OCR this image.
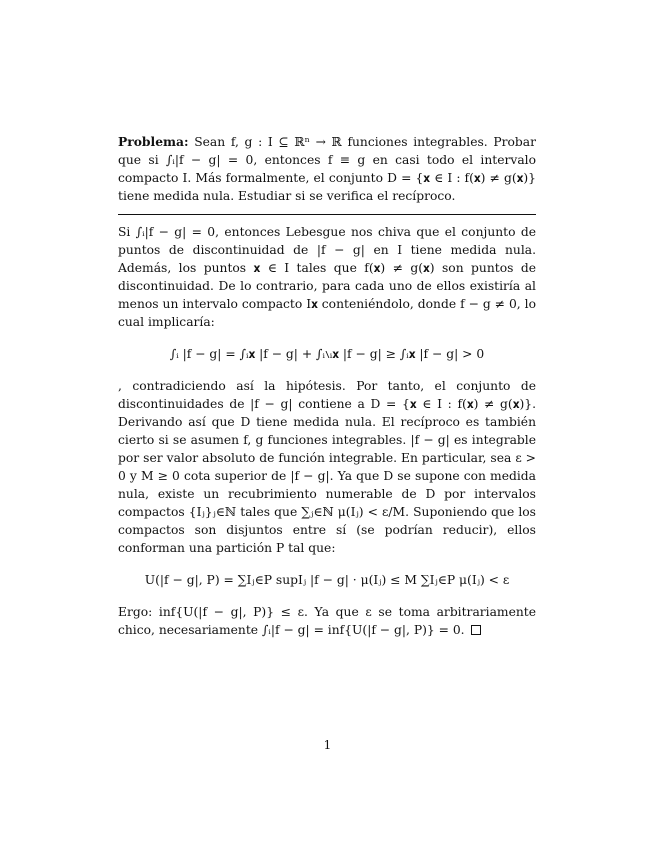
Problema: Sean f, g : I ⊆ ℝⁿ → ℝ funciones integrables. Probar que si ∫ᵢ|f − g| = 0, entonces f ≡ g en casi todo el intervalo compacto I. Más formalmente, el conjunto D = {𝐱 ∈ I : f(𝐱) ≠ g(𝐱)} tiene medida nula. Estudiar si se verifica el recíproco.

Si ∫ᵢ|f − g| = 0, entonces Lebesgue nos chiva que el conjunto de puntos de discontinuidad de |f − g| en I tiene medida nula. Además, los puntos 𝐱 ∈ I tales que f(𝐱) ≠ g(𝐱) son puntos de discontinuidad. De lo contrario, para cada uno de ellos existiría al menos un intervalo compacto I𝐱 conteniéndolo, donde f − g ≠ 0, lo cual implicaría:

∫ᵢ |f − g| = ∫ᵢ𝐱 |f − g| + ∫ᵢ∖ᵢ𝐱 |f − g| ≥ ∫ᵢ𝐱 |f − g| > 0

, contradiciendo así la hipótesis. Por tanto, el conjunto de discontinuidades de |f − g| contiene a D = {𝐱 ∈ I : f(𝐱) ≠ g(𝐱)}. Derivando así que D tiene medida nula. El recíproco es también cierto si se asumen f, g funciones integrables. |f − g| es integrable por ser valor absoluto de función integrable. En particular, sea ε > 0 y M ≥ 0 cota superior de |f − g|. Ya que D se supone con medida nula, existe un recubrimiento numerable de D por intervalos compactos {Iⱼ}ⱼ∈ℕ tales que ∑ⱼ∈ℕ μ(Iⱼ) < ε/M. Suponiendo que los compactos son disjuntos entre sí (se podrían reducir), ellos conforman una partición P tal que:

U(|f − g|, P) = ∑Iⱼ∈P supIⱼ |f − g| · μ(Iⱼ) ≤ M ∑Iⱼ∈P μ(Iⱼ) < ε

Ergo: inf{U(|f − g|, P)} ≤ ε. Ya que ε se toma arbitrariamente chico, necesariamente ∫ᵢ|f − g| = inf{U(|f − g|, P)} = 0.

1
